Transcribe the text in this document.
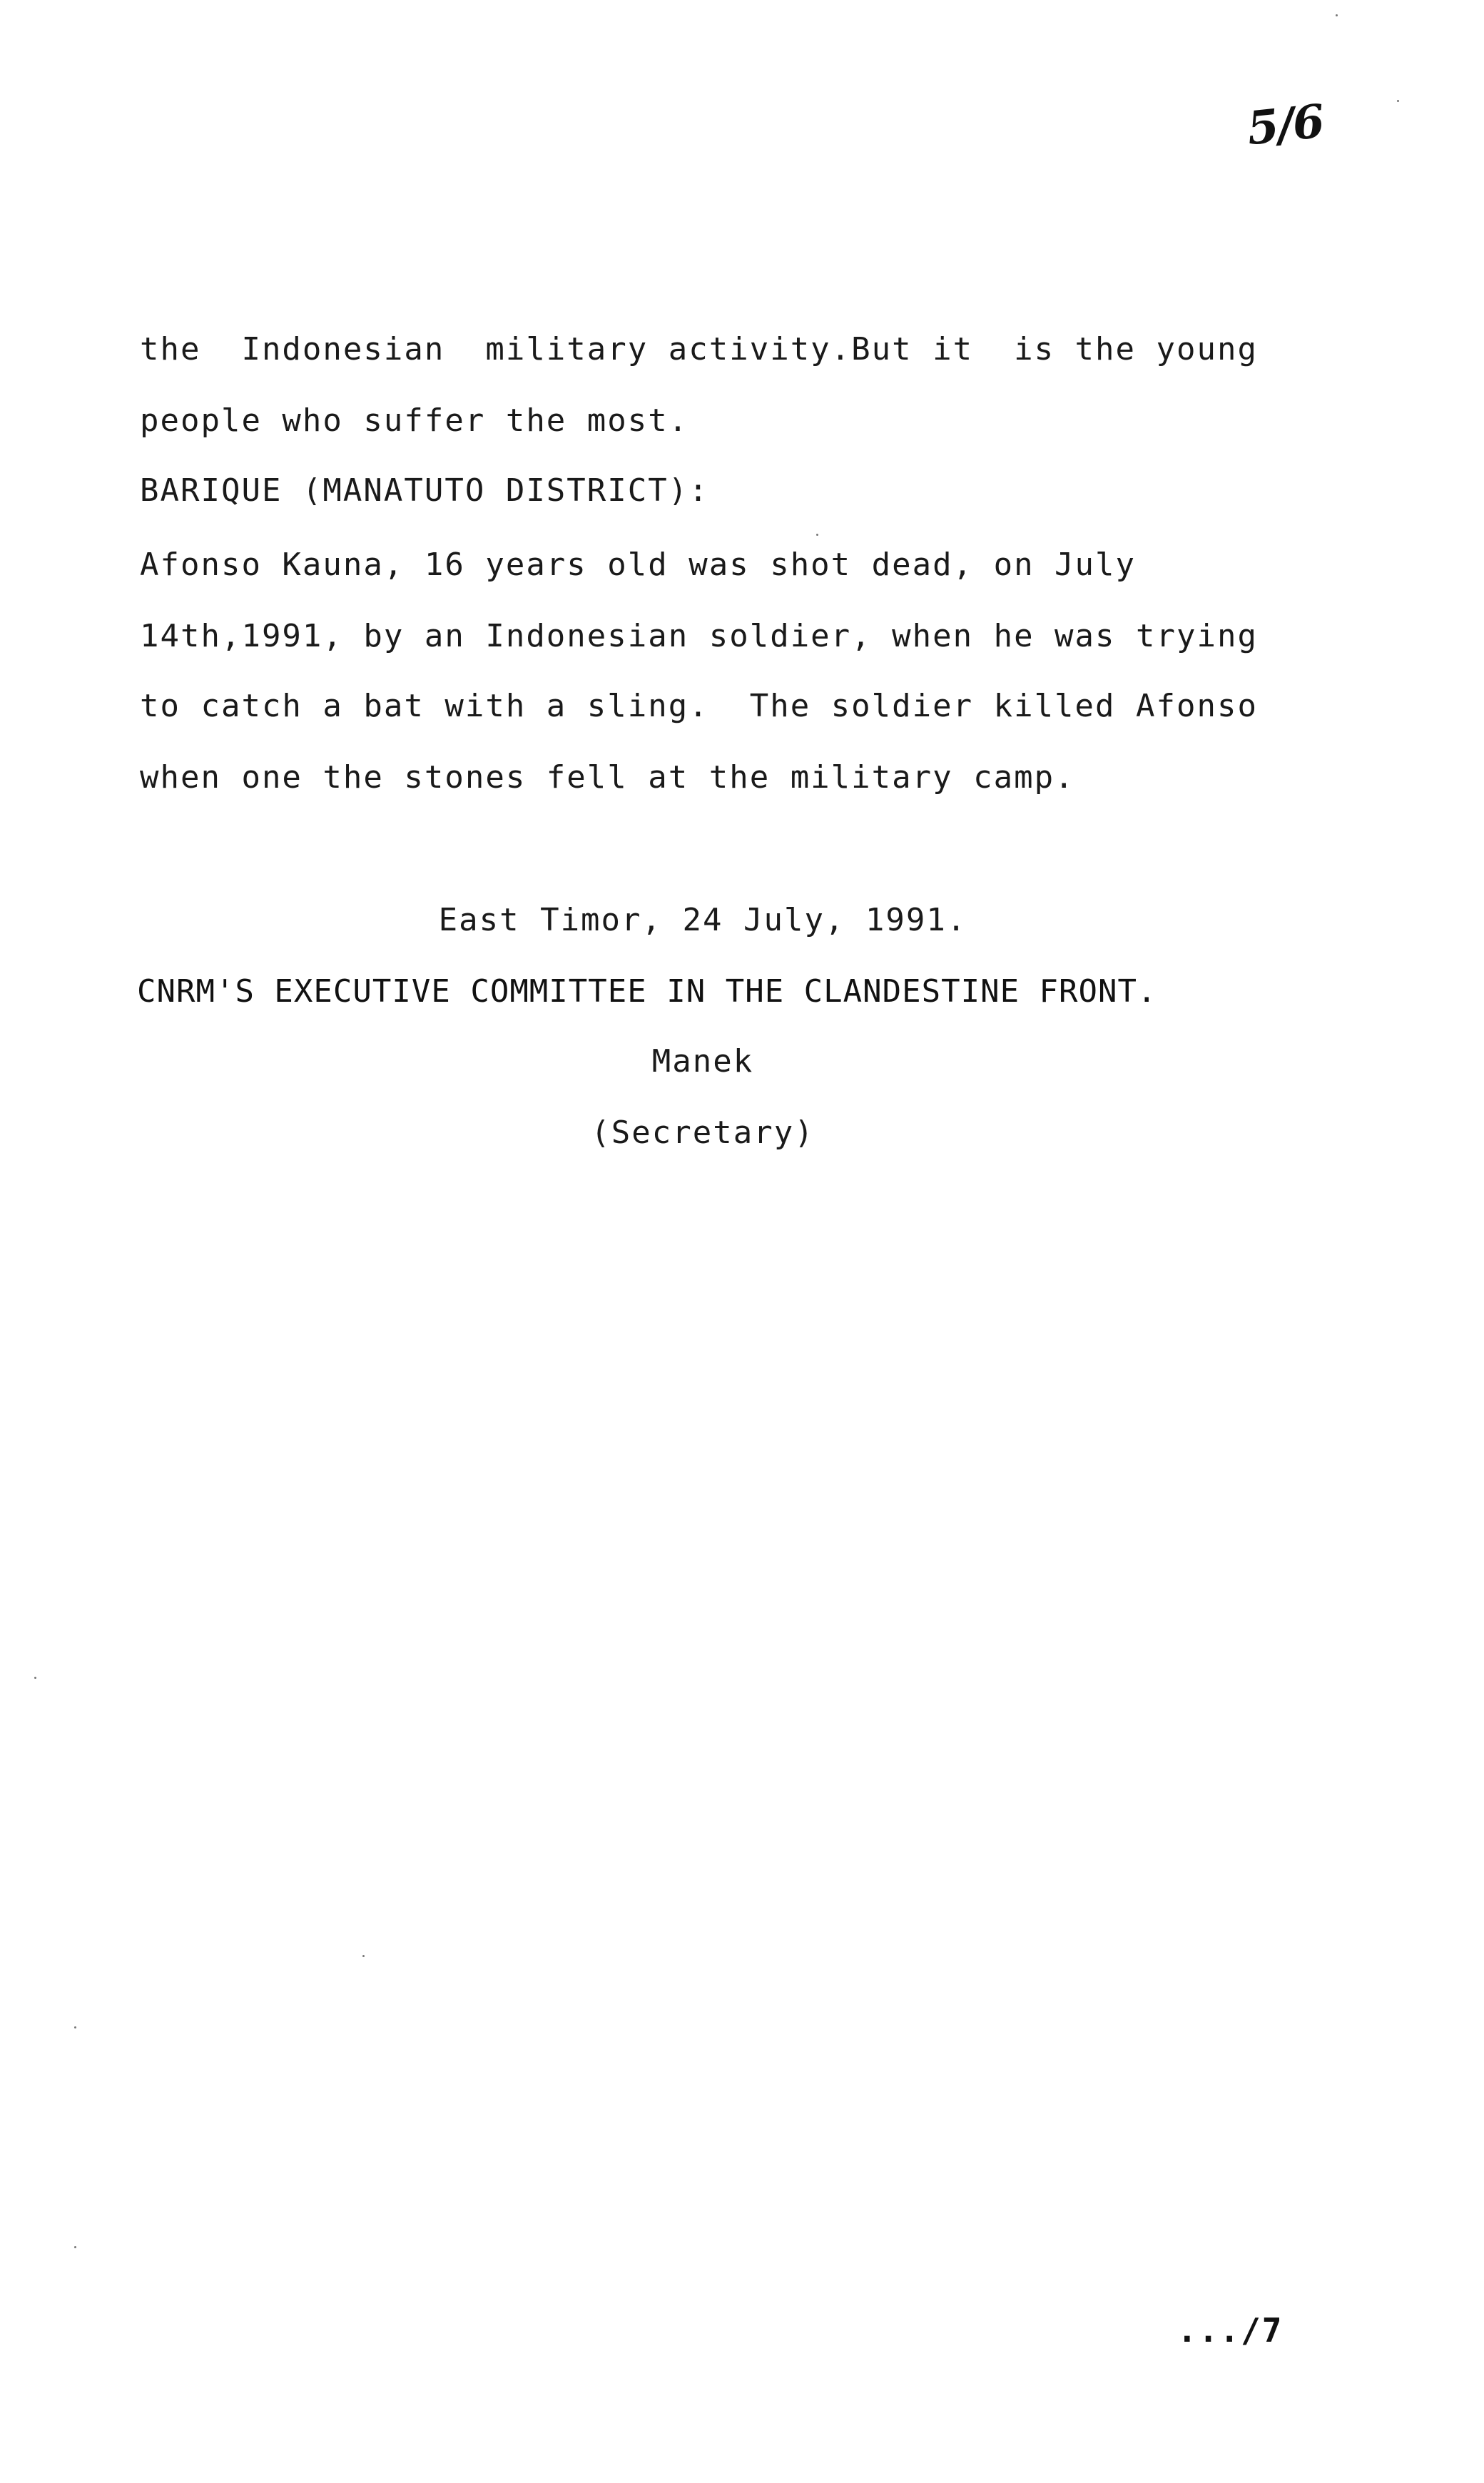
5/6
the  Indonesian  military activity.But it  is the young
people who suffer the most.
BARIQUE (MANATUTO DISTRICT):
Afonso Kauna, 16 years old was shot dead, on July
14th,1991, by an Indonesian soldier, when he was trying
to catch a bat with a sling.  The soldier killed Afonso
when one the stones fell at the military camp.
East Timor, 24 July, 1991.
CNRM'S EXECUTIVE COMMITTEE IN THE CLANDESTINE FRONT.
Manek
(Secretary)
.../7
